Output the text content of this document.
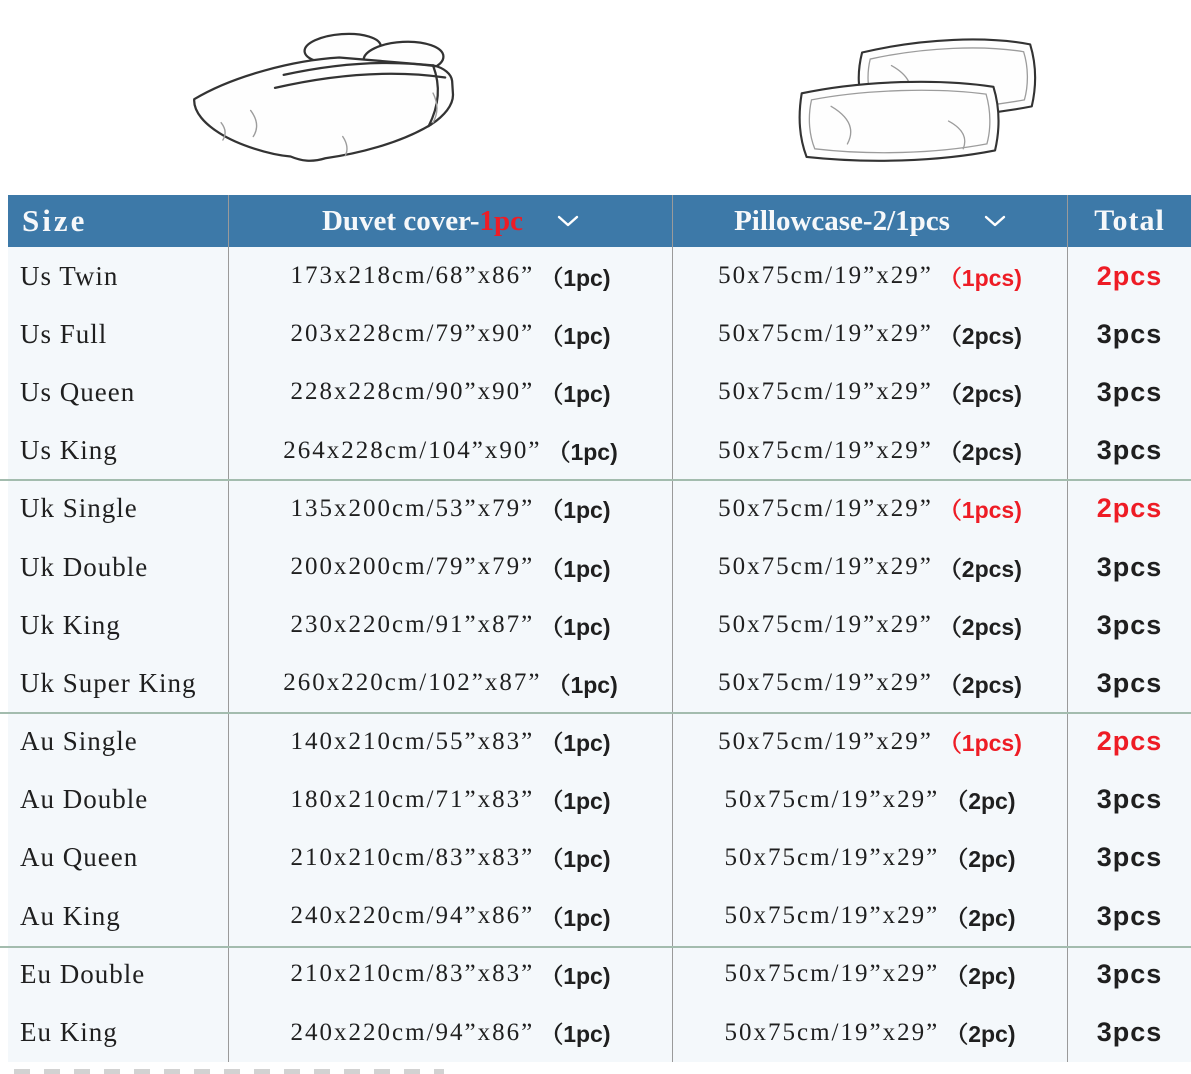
Size	Duvet cover- 1pc	Pillowcase-2/1pcs	Total
Us Twin	173x218cm/68”x86” （1pc)	50x75cm/19”x29” （1pcs)	2pcs
Us Full	203x228cm/79”x90” （1pc)	50x75cm/19”x29” （2pcs)	3pcs
Us Queen	228x228cm/90”x90” （1pc)	50x75cm/19”x29” （2pcs)	3pcs
Us King	264x228cm/104”x90” （1pc)	50x75cm/19”x29” （2pcs)	3pcs
Uk Single	135x200cm/53”x79” （1pc)	50x75cm/19”x29” （1pcs)	2pcs
Uk Double	200x200cm/79”x79” （1pc)	50x75cm/19”x29” （2pcs)	3pcs
Uk King	230x220cm/91”x87” （1pc)	50x75cm/19”x29” （2pcs)	3pcs
Uk Super King	260x220cm/102”x87” （1pc)	50x75cm/19”x29” （2pcs)	3pcs
Au Single	140x210cm/55”x83” （1pc)	50x75cm/19”x29” （1pcs)	2pcs
Au Double	180x210cm/71”x83” （1pc)	50x75cm/19”x29” （2pc)	3pcs
Au Queen	210x210cm/83”x83” （1pc)	50x75cm/19”x29” （2pc)	3pcs
Au King	240x220cm/94”x86” （1pc)	50x75cm/19”x29” （2pc)	3pcs
Eu Double	210x210cm/83”x83” （1pc)	50x75cm/19”x29” （2pc)	3pcs
Eu King	240x220cm/94”x86” （1pc)	50x75cm/19”x29” （2pc)	3pcs
